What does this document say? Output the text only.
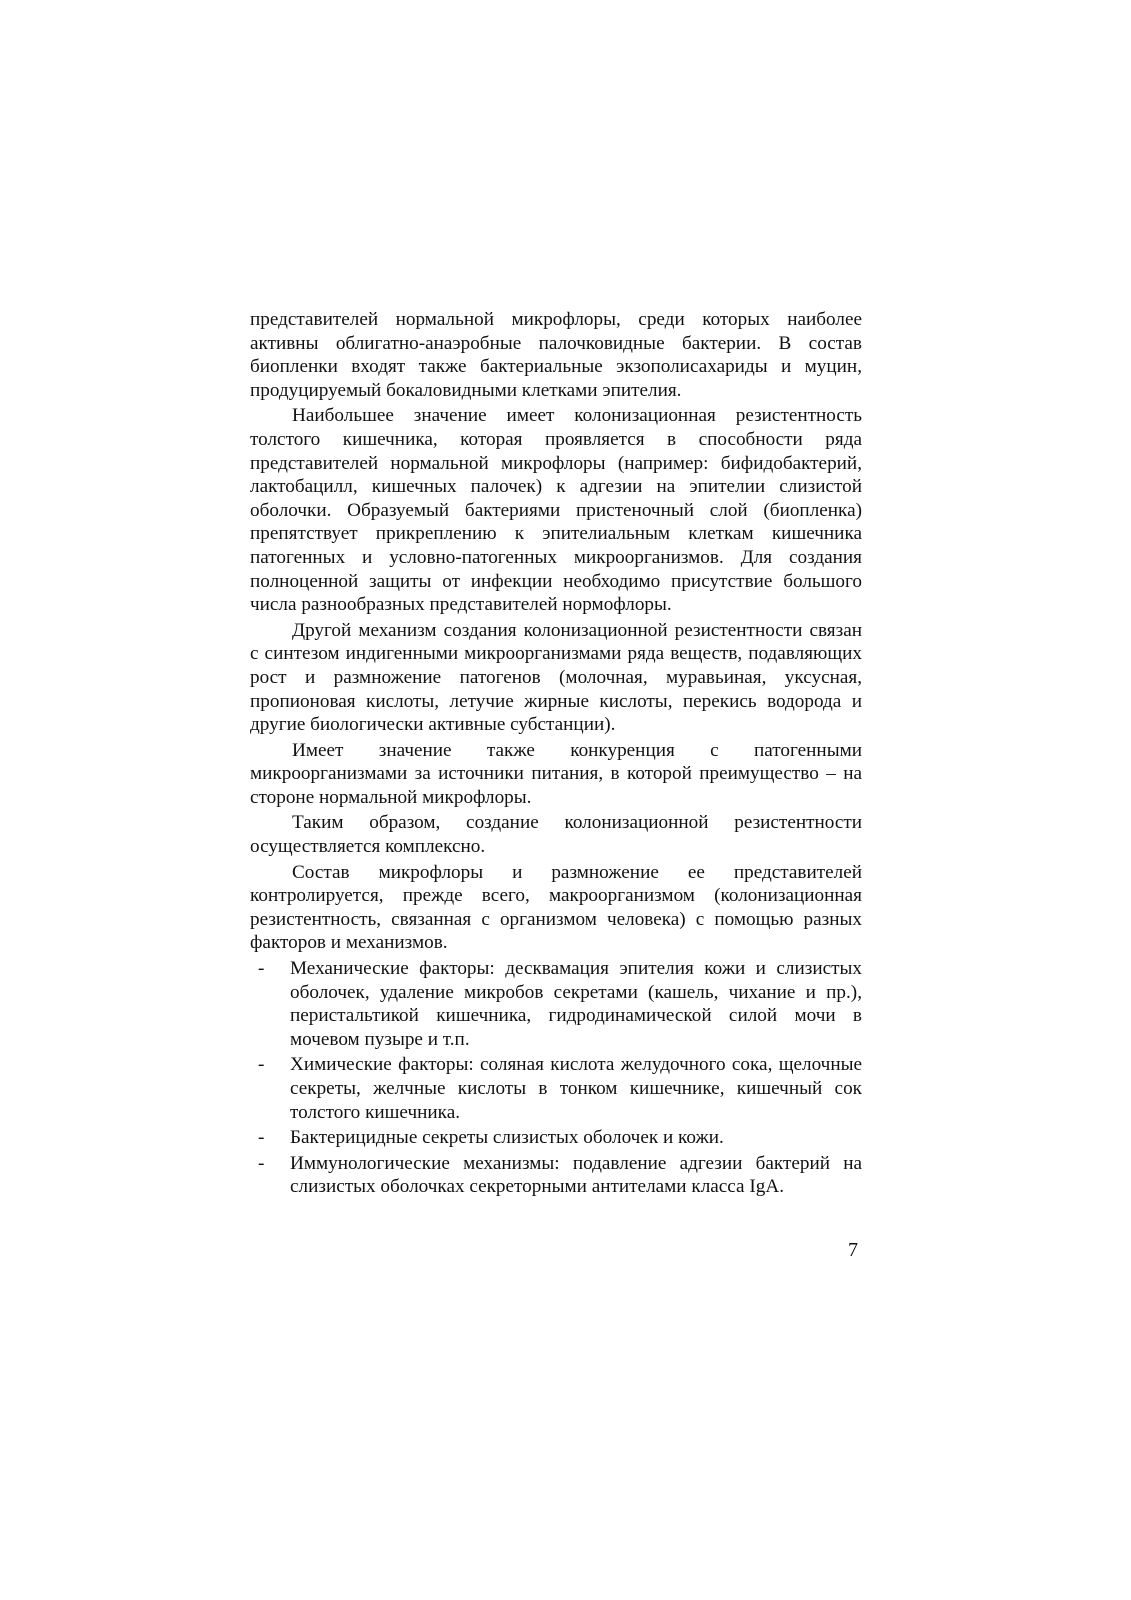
представителей нормальной микрофлоры, среди которых наиболее активны облигатно-анаэробные палочковидные бактерии. В состав биопленки входят также бактериальные экзополисахариды и муцин, продуцируемый бокаловидными клетками эпителия.

Наибольшее значение имеет колонизационная резистентность толстого кишечника, которая проявляется в способности ряда представителей нормальной микрофлоры (например: бифидобактерий, лактобацилл, кишечных палочек) к адгезии на эпителии слизистой оболочки. Образуемый бактериями пристеночный слой (биопленка) препятствует прикреплению к эпителиальным клеткам кишечника патогенных и условно-патогенных микроорганизмов. Для создания полноценной защиты от инфекции необходимо присутствие большого числа разнообразных представителей нормофлоры.

Другой механизм создания колонизационной резистентности связан с синтезом индигенными микроорганизмами ряда веществ, подавляющих рост и размножение патогенов (молочная, муравьиная, уксусная, пропионовая кислоты, летучие жирные кислоты, перекись водорода и другие биологически активные субстанции).

Имеет значение также конкуренция с патогенными микроорганизмами за источники питания, в которой преимущество – на стороне нормальной микрофлоры.

Таким образом, создание колонизационной резистентности осуществляется комплексно.

Состав микрофлоры и размножение ее представителей контролируется, прежде всего, макроорганизмом (колонизационная резистентность, связанная с организмом человека) с помощью разных факторов и механизмов.

- Механические факторы: десквамация эпителия кожи и слизистых оболочек, удаление микробов секретами (кашель, чихание и пр.), перистальтикой кишечника, гидродинамической силой мочи в мочевом пузыре и т.п.
- Химические факторы: соляная кислота желудочного сока, щелочные секреты, желчные кислоты в тонком кишечнике, кишечный сок толстого кишечника.
- Бактерицидные секреты слизистых оболочек и кожи.
- Иммунологические механизмы: подавление адгезии бактерий на слизистых оболочках секреторными антителами класса IgA.
7
